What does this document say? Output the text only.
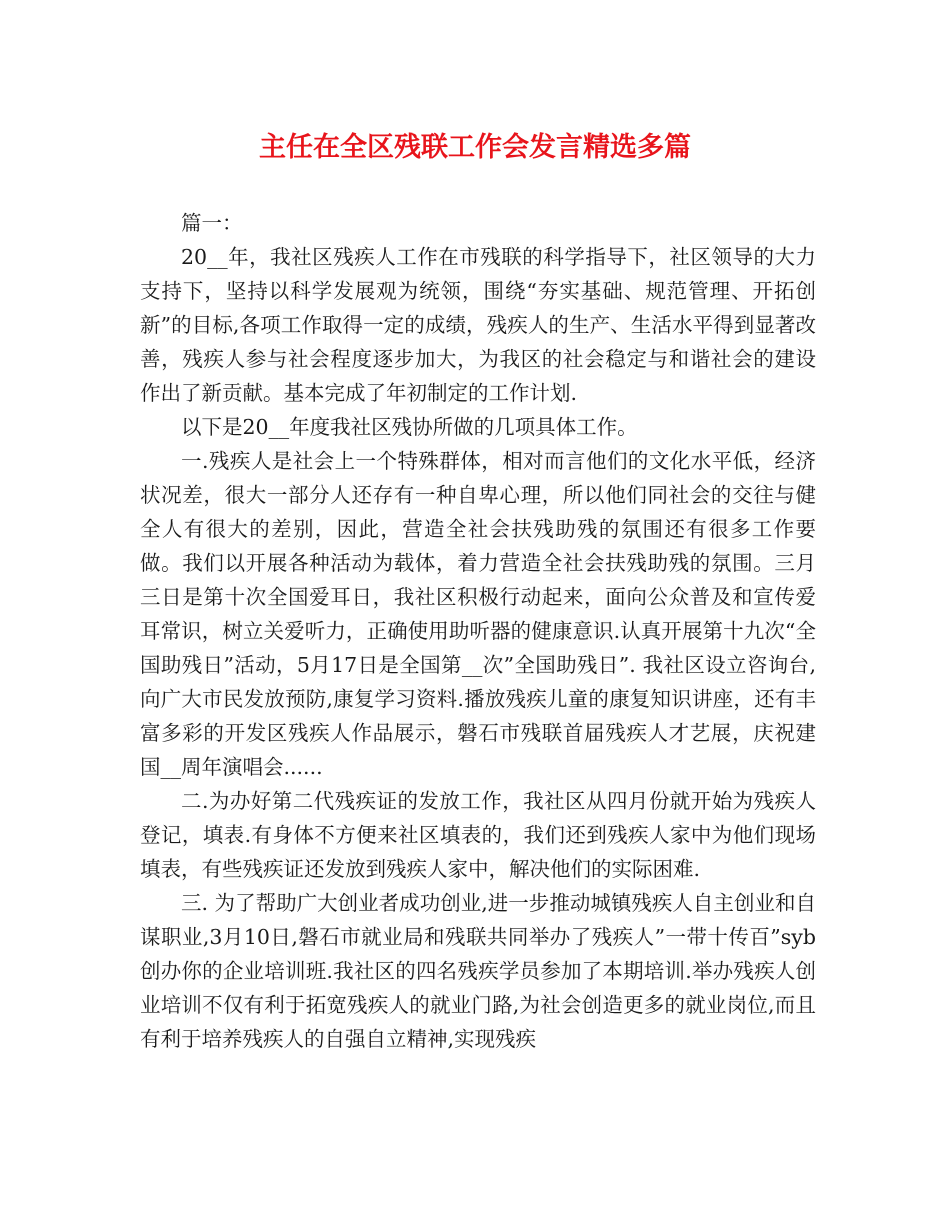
主任在全区残联工作会发言精选多篇

篇一：

20__年，我社区残疾人工作在市残联的科学指导下，社区领导的大力支持下，坚持以科学发展观为统领，围绕“夯实基础、规范管理、开拓创新”的目标,各项工作取得一定的成绩，残疾人的生产、生活水平得到显著改善，残疾人参与社会程度逐步加大，为我区的社会稳定与和谐社会的建设作出了新贡献。基本完成了年初制定的工作计划.

以下是20__年度我社区残协所做的几项具体工作。

一.残疾人是社会上一个特殊群体，相对而言他们的文化水平低，经济状况差，很大一部分人还存有一种自卑心理，所以他们同社会的交往与健全人有很大的差别，因此，营造全社会扶残助残的氛围还有很多工作要做。我们以开展各种活动为载体，着力营造全社会扶残助残的氛围。三月三日是第十次全国爱耳日，我社区积极行动起来，面向公众普及和宣传爱耳常识，树立关爱听力，正确使用助听器的健康意识.认真开展第十九次“全国助残日”活动，5月17日是全国第__次”全国助残日”. 我社区设立咨询台,向广大市民发放预防,康复学习资料.播放残疾儿童的康复知识讲座，还有丰富多彩的开发区残疾人作品展示，磐石市残联首届残疾人才艺展，庆祝建国__周年演唱会......

二.为办好第二代残疾证的发放工作，我社区从四月份就开始为残疾人登记，填表.有身体不方便来社区填表的，我们还到残疾人家中为他们现场填表，有些残疾证还发放到残疾人家中，解决他们的实际困难.

三. 为了帮助广大创业者成功创业,进一步推动城镇残疾人自主创业和自谋职业,3月10日,磐石市就业局和残联共同举办了残疾人”一带十传百”syb创办你的企业培训班.我社区的四名残疾学员参加了本期培训.举办残疾人创业培训不仅有利于拓宽残疾人的就业门路,为社会创造更多的就业岗位,而且有利于培养残疾人的自强自立精神,实现残疾
